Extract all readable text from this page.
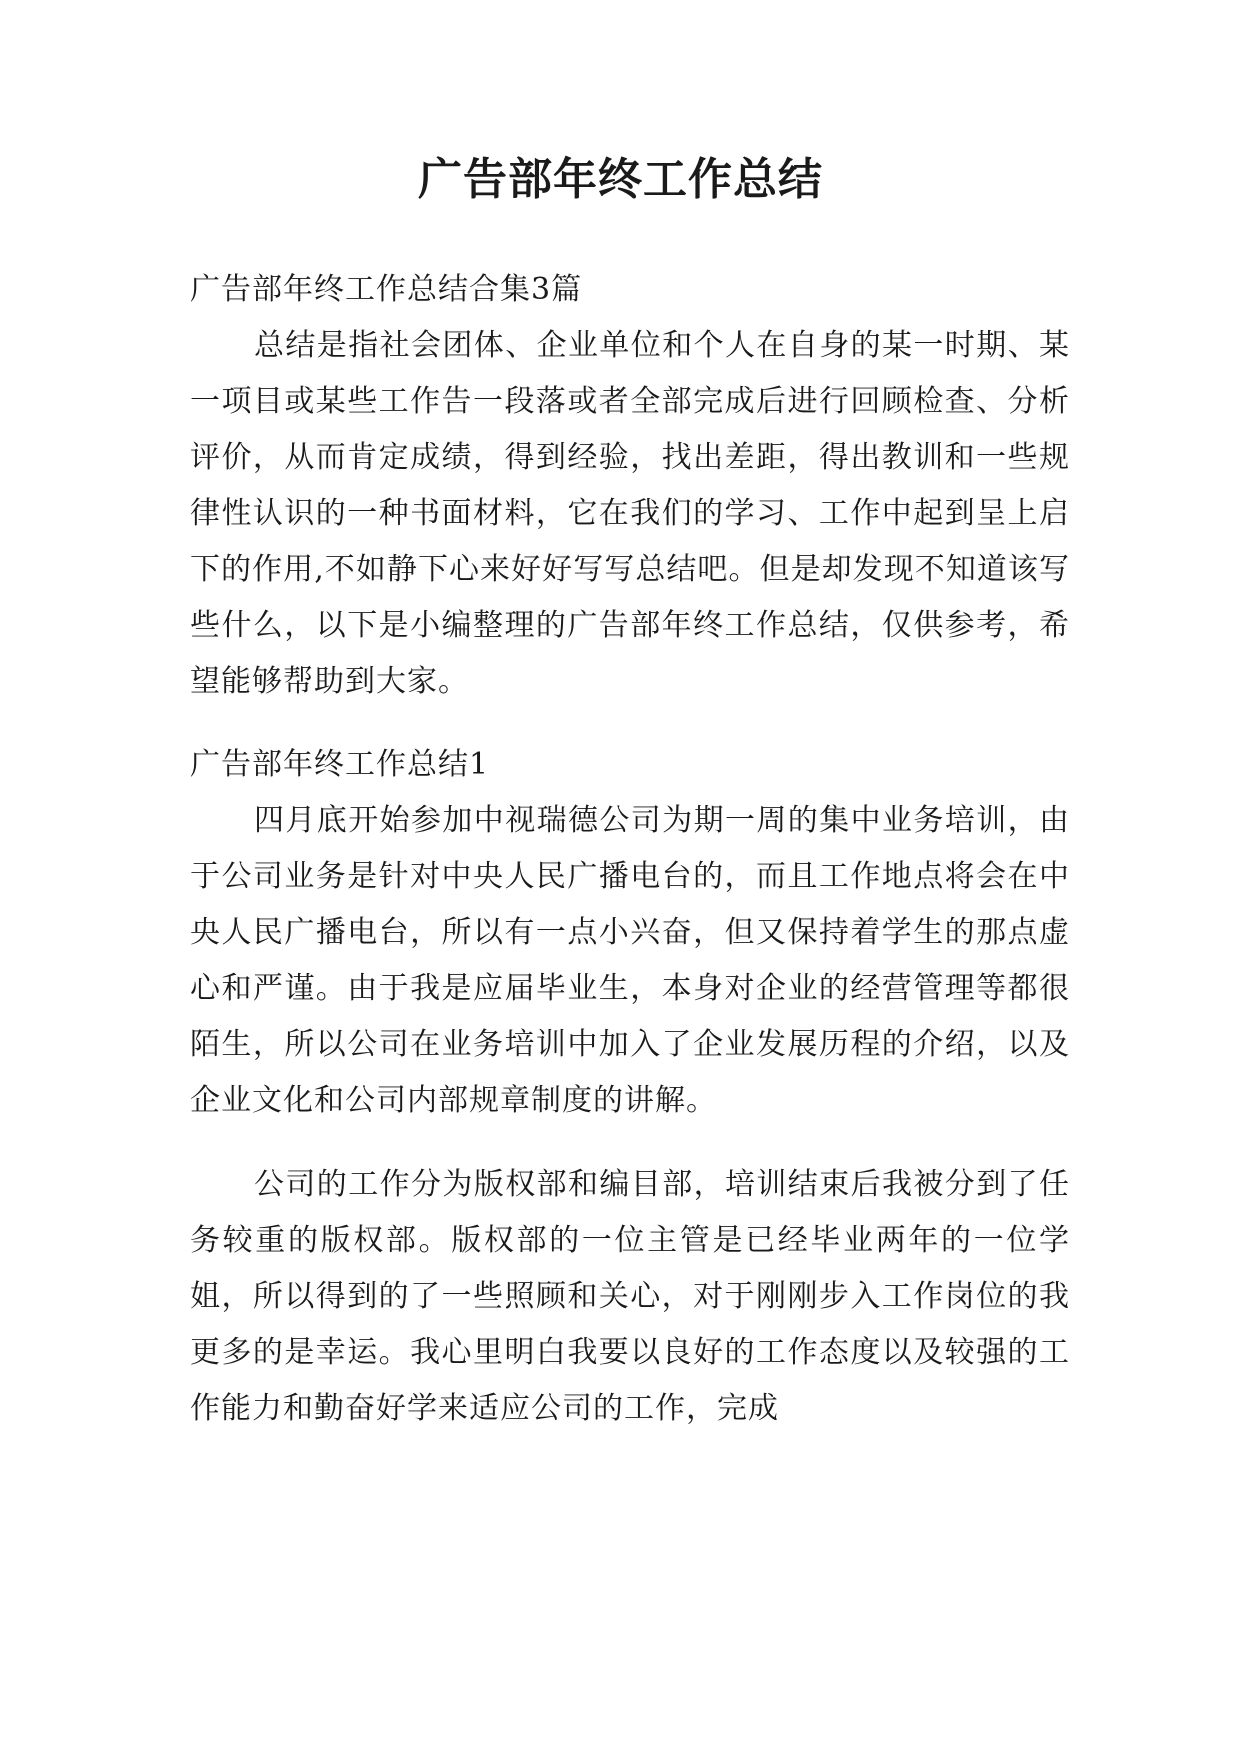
广告部年终工作总结

广告部年终工作总结合集3篇

总结是指社会团体、企业单位和个人在自身的某一时期、某一项目或某些工作告一段落或者全部完成后进行回顾检查、分析评价，从而肯定成绩，得到经验，找出差距，得出教训和一些规律性认识的一种书面材料，它在我们的学习、工作中起到呈上启下的作用,不如静下心来好好写写总结吧。但是却发现不知道该写些什么，以下是小编整理的广告部年终工作总结，仅供参考，希望能够帮助到大家。

广告部年终工作总结1

四月底开始参加中视瑞德公司为期一周的集中业务培训，由于公司业务是针对中央人民广播电台的，而且工作地点将会在中央人民广播电台，所以有一点小兴奋，但又保持着学生的那点虚心和严谨。由于我是应届毕业生，本身对企业的经营管理等都很陌生，所以公司在业务培训中加入了企业发展历程的介绍，以及企业文化和公司内部规章制度的讲解。

公司的工作分为版权部和编目部，培训结束后我被分到了任务较重的版权部。版权部的一位主管是已经毕业两年的一位学姐，所以得到的了一些照顾和关心，对于刚刚步入工作岗位的我更多的是幸运。我心里明白我要以良好的工作态度以及较强的工作能力和勤奋好学来适应公司的工作，完成
